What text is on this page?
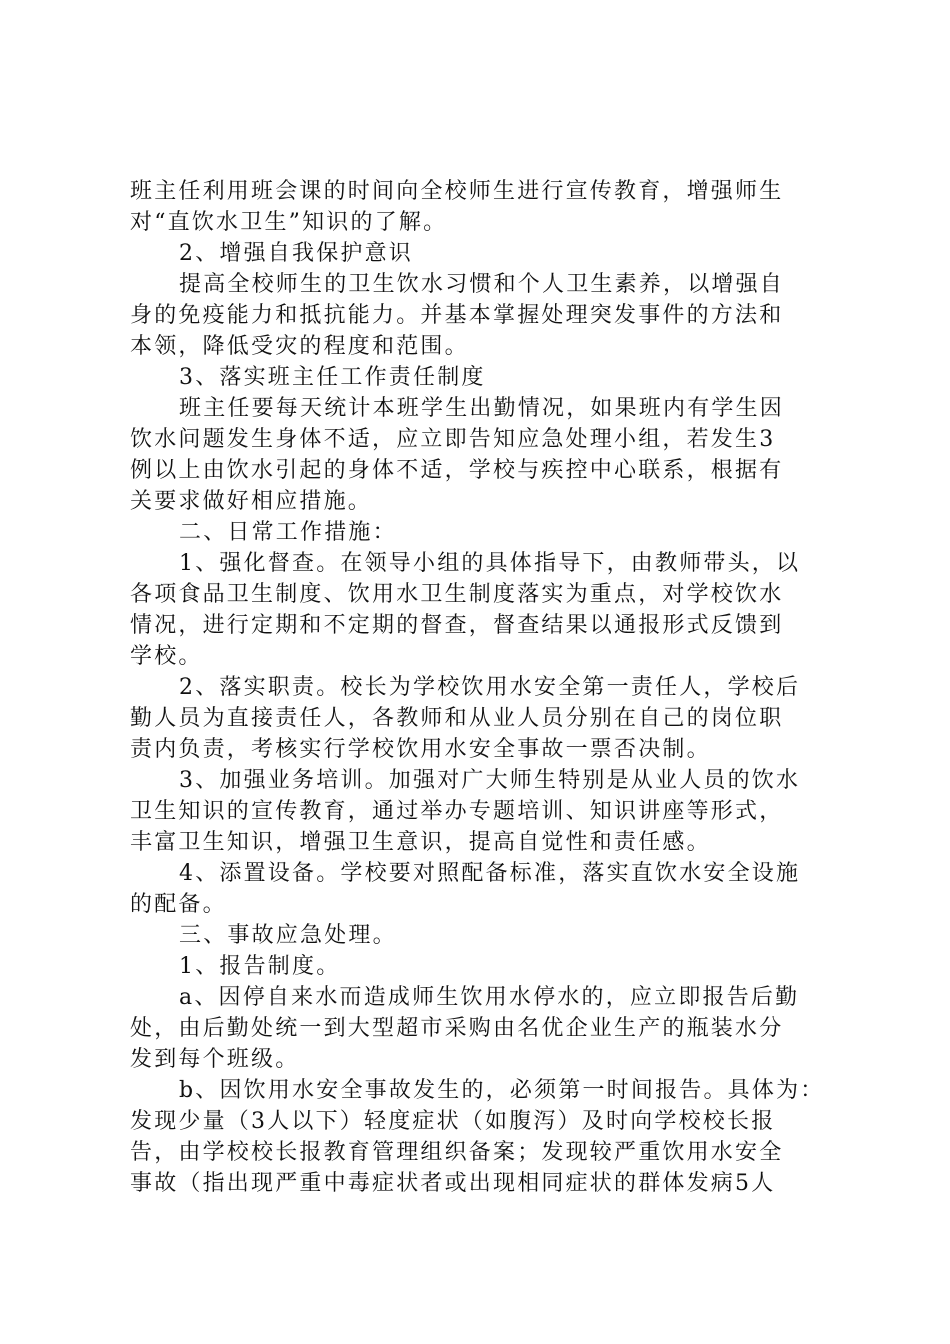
班主任利用班会课的时间向全校师生进行宣传教育，增强师生
对“直饮水卫生”知识的了解。
2、增强自我保护意识
提高全校师生的卫生饮水习惯和个人卫生素养，以增强自
身的免疫能力和抵抗能力。并基本掌握处理突发事件的方法和
本领，降低受灾的程度和范围。
3、落实班主任工作责任制度
班主任要每天统计本班学生出勤情况，如果班内有学生因
饮水问题发生身体不适，应立即告知应急处理小组，若发生3
例以上由饮水引起的身体不适，学校与疾控中心联系，根据有
关要求做好相应措施。
二、日常工作措施：
1、强化督查。在领导小组的具体指导下，由教师带头，以
各项食品卫生制度、饮用水卫生制度落实为重点，对学校饮水
情况，进行定期和不定期的督查，督查结果以通报形式反馈到
学校。
2、落实职责。校长为学校饮用水安全第一责任人，学校后
勤人员为直接责任人，各教师和从业人员分别在自己的岗位职
责内负责，考核实行学校饮用水安全事故一票否决制。
3、加强业务培训。加强对广大师生特别是从业人员的饮水
卫生知识的宣传教育，通过举办专题培训、知识讲座等形式，
丰富卫生知识，增强卫生意识，提高自觉性和责任感。
4、添置设备。学校要对照配备标准，落实直饮水安全设施
的配备。
三、事故应急处理。
1、报告制度。
a、因停自来水而造成师生饮用水停水的，应立即报告后勤
处，由后勤处统一到大型超市采购由名优企业生产的瓶装水分
发到每个班级。
b、因饮用水安全事故发生的，必须第一时间报告。具体为：
发现少量（3人以下）轻度症状（如腹泻）及时向学校校长报
告，由学校校长报教育管理组织备案；发现较严重饮用水安全
事故（指出现严重中毒症状者或出现相同症状的群体发病5人
